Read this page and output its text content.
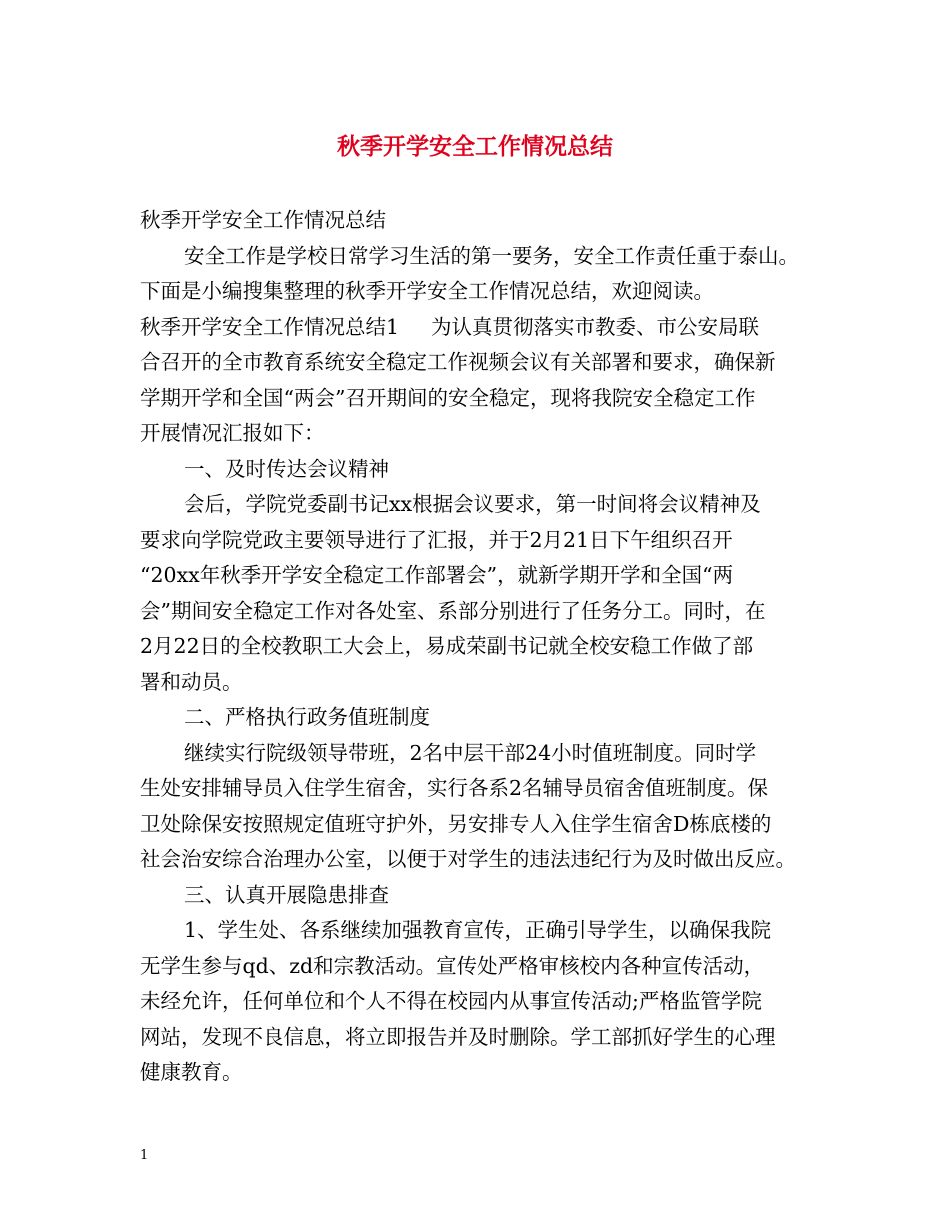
秋季开学安全工作情况总结
秋季开学安全工作情况总结
安全工作是学校日常学习生活的第一要务，安全工作责任重于泰山。
下面是小编搜集整理的秋季开学安全工作情况总结，欢迎阅读。
秋季开学安全工作情况总结1 为认真贯彻落实市教委、市公安局联
合召开的全市教育系统安全稳定工作视频会议有关部署和要求，确保新
学期开学和全国“两会”召开期间的安全稳定，现将我院安全稳定工作
开展情况汇报如下：
一、及时传达会议精神
会后，学院党委副书记xx根据会议要求，第一时间将会议精神及
要求向学院党政主要领导进行了汇报，并于2月21日下午组织召开
“20xx年秋季开学安全稳定工作部署会”，就新学期开学和全国“两
会”期间安全稳定工作对各处室、系部分别进行了任务分工。同时，在
2月22日的全校教职工大会上，易成荣副书记就全校安稳工作做了部
署和动员。
二、严格执行政务值班制度
继续实行院级领导带班，2名中层干部24小时值班制度。同时学
生处安排辅导员入住学生宿舍，实行各系2名辅导员宿舍值班制度。保
卫处除保安按照规定值班守护外，另安排专人入住学生宿舍D栋底楼的
社会治安综合治理办公室，以便于对学生的违法违纪行为及时做出反应。
三、认真开展隐患排查
1、学生处、各系继续加强教育宣传，正确引导学生，以确保我院
无学生参与qd、zd和宗教活动。宣传处严格审核校内各种宣传活动，
未经允许，任何单位和个人不得在校园内从事宣传活动;严格监管学院
网站，发现不良信息，将立即报告并及时删除。学工部抓好学生的心理
健康教育。
1
